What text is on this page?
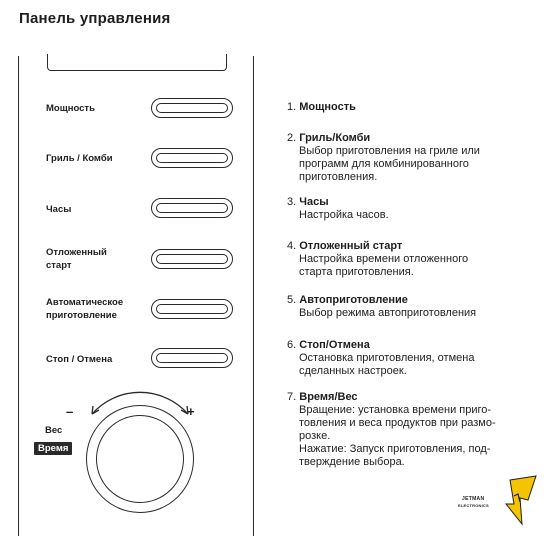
Панель управления
Мощность
Гриль / Комби
Часы
Отложенный старт
Автоматическое приготовление
Стоп / Отмена
–	+
Вес
Время
1. Мощность
2. Гриль/Комби
Выбор приготовления на гриле или
программ для комбинированного
приготовления.
3. Часы
Настройка часов.
4. Отложенный старт
Настройка времени отложенного
старта приготовления.
5. Автоприготовление
Выбор режима автоприготовления
6. Стоп/Отмена
Остановка приготовления, отмена
сделанных настроек.
7. Время/Вес
Вращение: установка времени приго-
товления и веса продуктов при размо-
розке.
Нажатие: Запуск приготовления, под-
тверждение выбора.
JETMAN
ELECTRONICS
